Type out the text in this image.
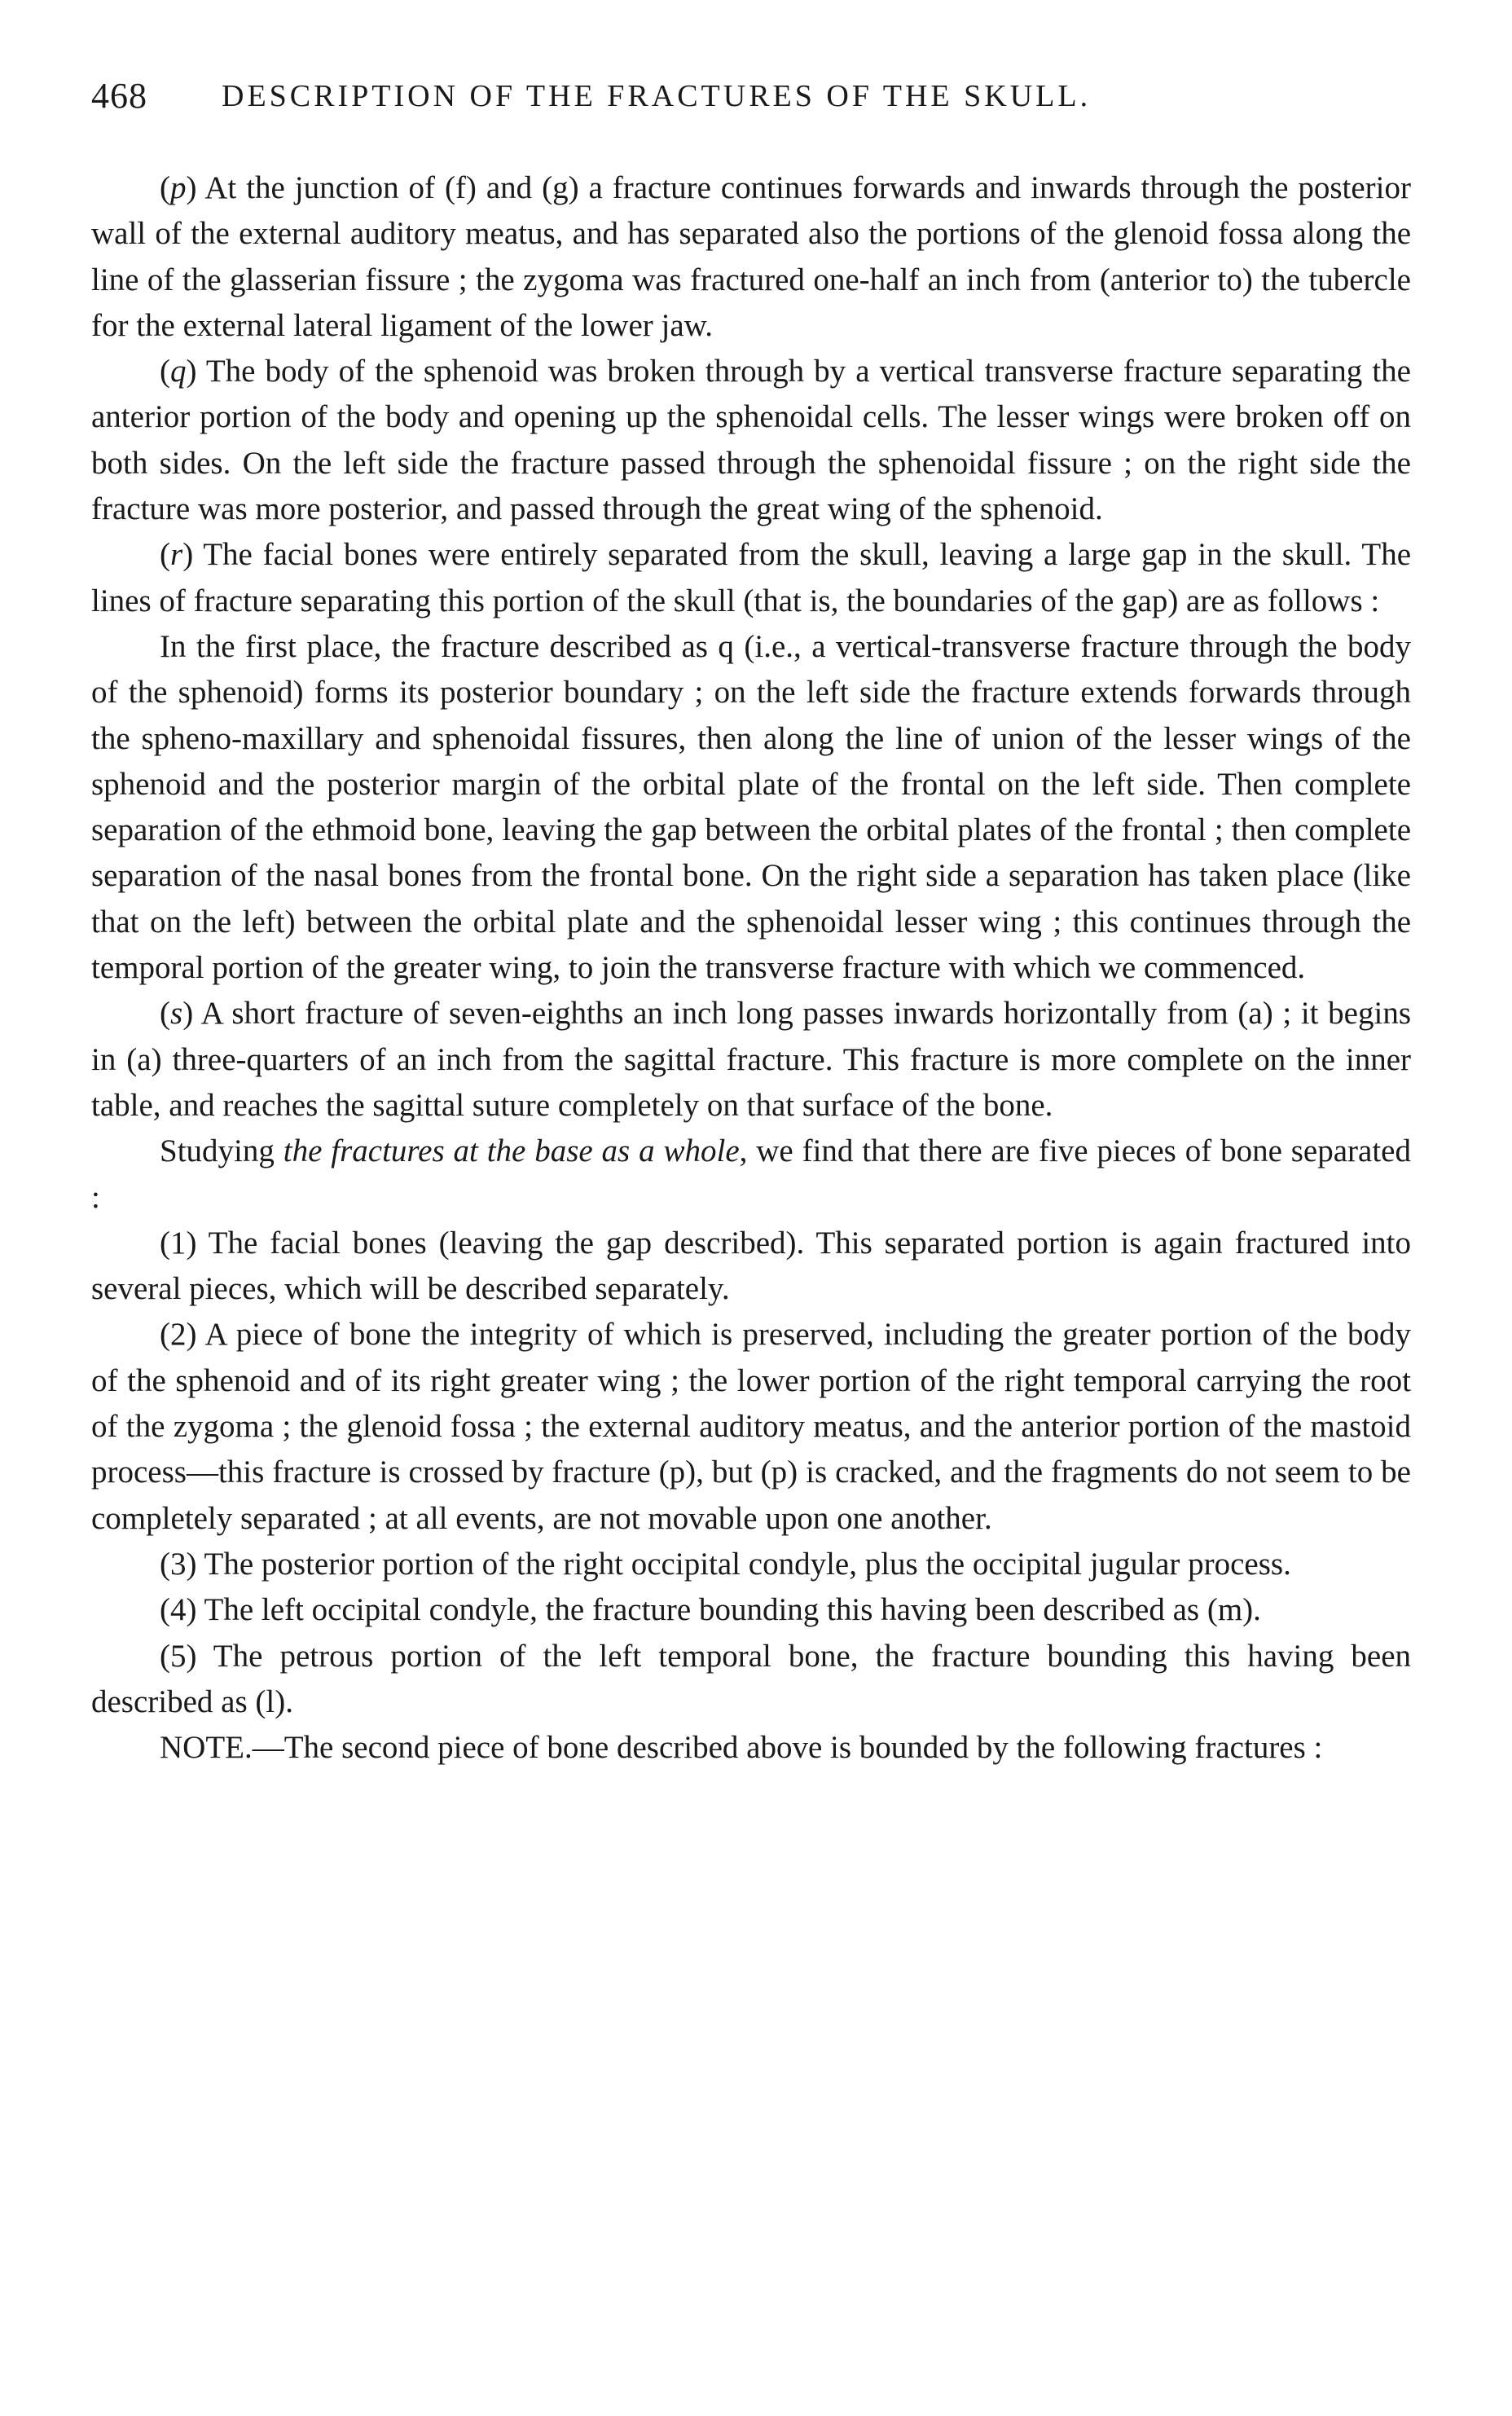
468 DESCRIPTION OF THE FRACTURES OF THE SKULL.

(p) At the junction of (f) and (g) a fracture continues forwards and inwards through the posterior wall of the external auditory meatus, and has separated also the portions of the glenoid fossa along the line of the glasserian fissure ; the zygoma was fractured one-half an inch from (anterior to) the tubercle for the external lateral ligament of the lower jaw.

(q) The body of the sphenoid was broken through by a vertical transverse fracture separating the anterior portion of the body and opening up the sphenoidal cells. The lesser wings were broken off on both sides. On the left side the fracture passed through the sphenoidal fissure ; on the right side the fracture was more posterior, and passed through the great wing of the sphenoid.

(r) The facial bones were entirely separated from the skull, leaving a large gap in the skull. The lines of fracture separating this portion of the skull (that is, the boundaries of the gap) are as follows :

In the first place, the fracture described as q (i.e., a vertical-transverse fracture through the body of the sphenoid) forms its posterior boundary ; on the left side the fracture extends forwards through the spheno-maxillary and sphenoidal fissures, then along the line of union of the lesser wings of the sphenoid and the posterior margin of the orbital plate of the frontal on the left side. Then complete separation of the ethmoid bone, leaving the gap between the orbital plates of the frontal ; then complete separation of the nasal bones from the frontal bone. On the right side a separation has taken place (like that on the left) between the orbital plate and the sphenoidal lesser wing ; this continues through the temporal portion of the greater wing, to join the transverse fracture with which we commenced.

(s) A short fracture of seven-eighths an inch long passes inwards horizontally from (a) ; it begins in (a) three-quarters of an inch from the sagittal fracture. This fracture is more complete on the inner table, and reaches the sagittal suture completely on that surface of the bone.

Studying the fractures at the base as a whole, we find that there are five pieces of bone separated :

(1) The facial bones (leaving the gap described). This separated portion is again fractured into several pieces, which will be described separately.

(2) A piece of bone the integrity of which is preserved, including the greater portion of the body of the sphenoid and of its right greater wing ; the lower portion of the right temporal carrying the root of the zygoma ; the glenoid fossa ; the external auditory meatus, and the anterior portion of the mastoid process—this fracture is crossed by fracture (p), but (p) is cracked, and the fragments do not seem to be completely separated ; at all events, are not movable upon one another.

(3) The posterior portion of the right occipital condyle, plus the occipital jugular process.

(4) The left occipital condyle, the fracture bounding this having been described as (m).

(5) The petrous portion of the left temporal bone, the fracture bounding this having been described as (l).

NOTE.—The second piece of bone described above is bounded by the following fractures :
